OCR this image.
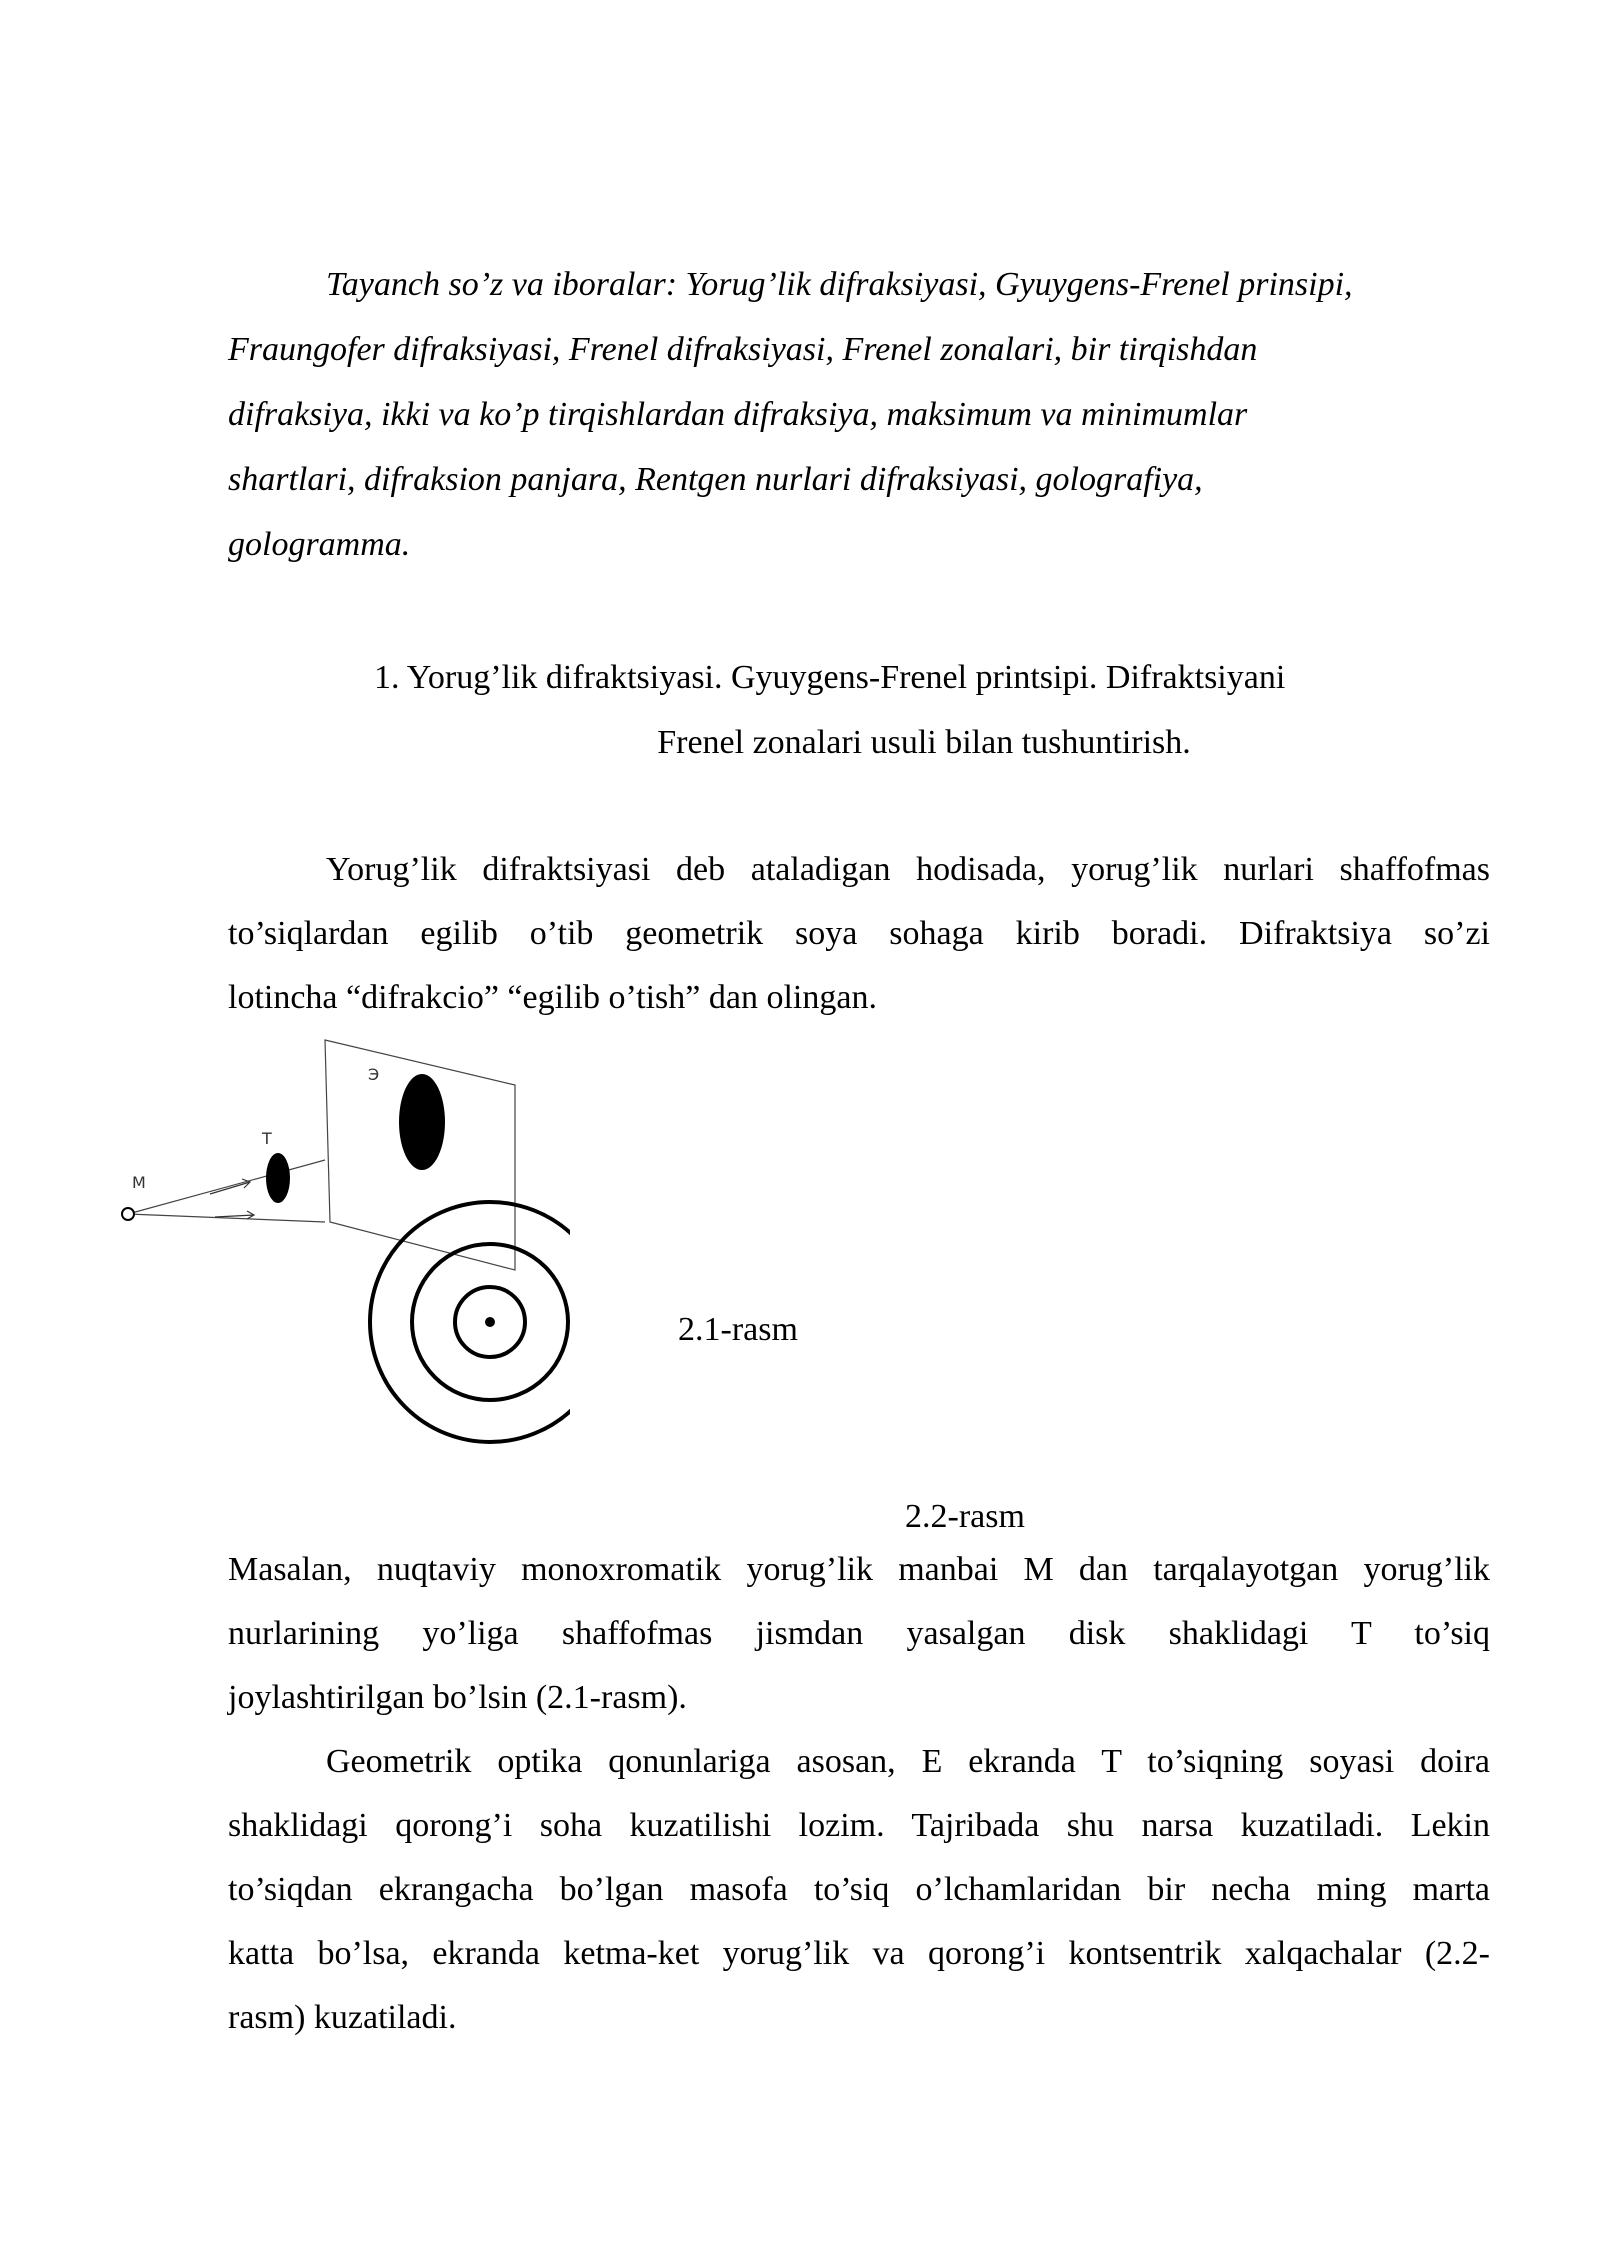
Tayanch so’z va iboralar: Yorug’lik difraksiyasi, Gyuygens-Frenel prinsipi,
Fraungofer difraksiyasi, Frenel difraksiyasi, Frenel zonalari, bir tirqishdan
difraksiya, ikki va ko’p tirqishlardan difraksiya, maksimum va minimumlar
shartlari, difraksion panjara, Rentgen nurlari difraksiyasi, golografiya,
gologramma.
1. Yorug’lik difraktsiyasi. Gyuygens-Frenel printsipi. Difraktsiyani
Frenel zonalari usuli bilan tushuntirish.
Yorug’lik difraktsiyasi deb ataladigan hodisada, yorug’lik nurlari shaffofmas
to’siqlardan egilib o’tib geometrik soya sohaga kirib boradi. Difraktsiya so’zi
lotincha “difrakcio” “egilib o’tish” dan olingan.
M
T
Э
2.1-rasm
2.2-rasm
Masalan, nuqtaviy monoxromatik yorug’lik manbai M dan tarqalayotgan yorug’lik
nurlarining yo’liga shaffofmas jismdan yasalgan disk shaklidagi T to’siq
joylashtirilgan bo’lsin (2.1-rasm).
Geometrik optika qonunlariga asosan, E ekranda T to’siqning soyasi doira
shaklidagi qorong’i soha kuzatilishi lozim. Tajribada shu narsa kuzatiladi. Lekin
to’siqdan ekrangacha bo’lgan masofa to’siq o’lchamlaridan bir necha ming marta
katta bo’lsa, ekranda ketma-ket yorug’lik va qorong’i kontsentrik xalqachalar (2.2-
rasm) kuzatiladi.
